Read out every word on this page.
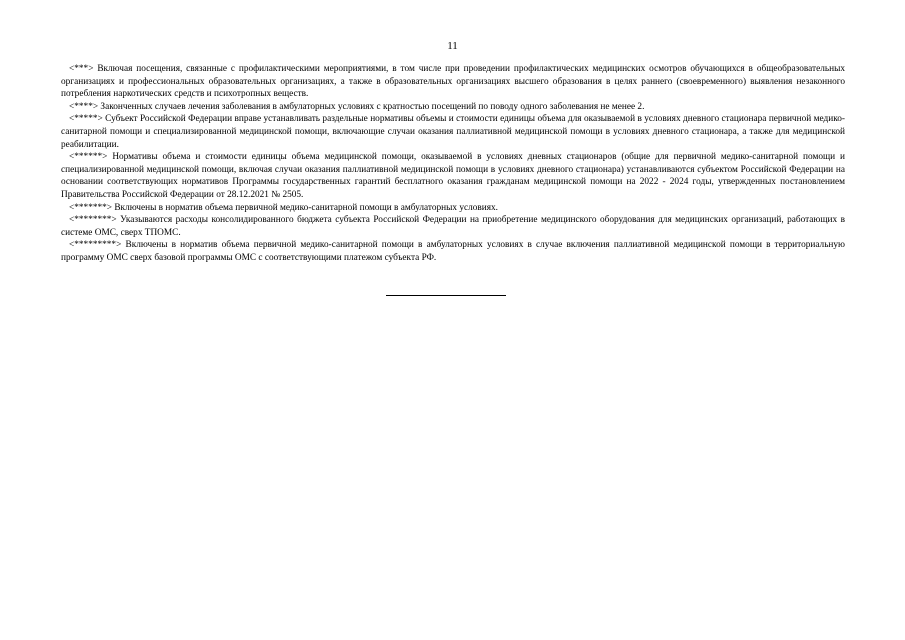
11

<***> Включая посещения, связанные с профилактическими мероприятиями, в том числе при проведении профилактических медицинских осмотров обучающихся в общеобразовательных организациях и профессиональных образовательных организациях, а также в образовательных организациях высшего образования в целях раннего (своевременного) выявления незаконного потребления наркотических средств и психотропных веществ.

<****> Законченных случаев лечения заболевания в амбулаторных условиях с кратностью посещений по поводу одного заболевания не менее 2.

<*****> Субъект Российской Федерации вправе устанавливать раздельные нормативы объемы и стоимости единицы объема для оказываемой в условиях дневного стационара первичной медико-санитарной помощи и специализированной медицинской помощи, включающие случаи оказания паллиативной медицинской помощи в условиях дневного стационара, а также для медицинской реабилитации.

<******> Нормативы объема и стоимости единицы объема медицинской помощи, оказываемой в условиях дневных стационаров (общие для первичной медико-санитарной помощи и специализированной медицинской помощи, включая случаи оказания паллиативной медицинской помощи в условиях дневного стационара) устанавливаются субъектом Российской Федерации на основании соответствующих нормативов Программы государственных гарантий бесплатного оказания гражданам медицинской помощи на 2022 - 2024 годы, утвержденных постановлением Правительства Российской Федерации от 28.12.2021 № 2505.

<*******> Включены в норматив объема первичной медико-санитарной помощи в амбулаторных условиях.

<********> Указываются расходы консолидированного бюджета субъекта Российской Федерации на приобретение медицинского оборудования для медицинских организаций, работающих в системе ОМС, сверх ТПОМС.

<*********> Включены в норматив объема первичной медико-санитарной помощи в амбулаторных условиях в случае включения паллиативной медицинской помощи в территориальную программу ОМС сверх базовой программы ОМС с соответствующими платежом субъекта РФ.
